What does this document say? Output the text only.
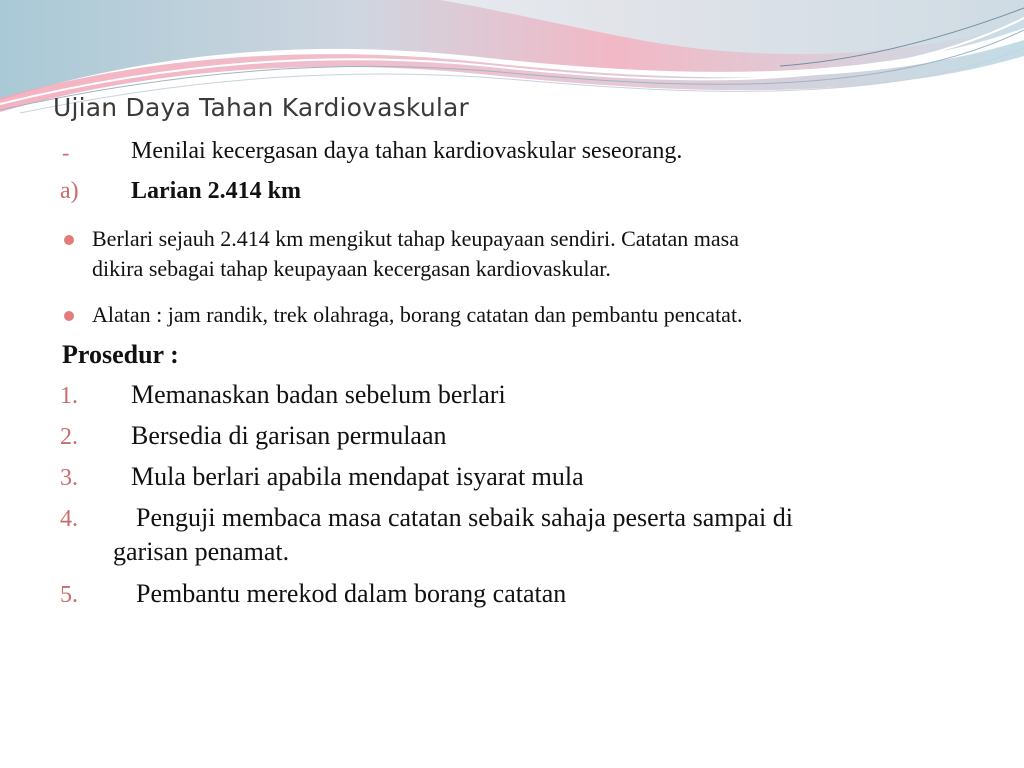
Ujian Daya Tahan Kardiovaskular
-	Menilai kecergasan daya tahan kardiovaskular seseorang.
a) Larian 2.414 km
Berlari sejauh 2.414 km mengikut tahap keupayaan sendiri. Catatan masa
dikira sebagai tahap keupayaan kecergasan kardiovaskular.
Alatan : jam randik, trek olahraga, borang catatan dan pembantu pencatat.
Prosedur :
1. Memanaskan badan sebelum berlari
2. Bersedia di garisan permulaan
3. Mula berlari apabila mendapat isyarat mula
4. Penguji membaca masa catatan sebaik sahaja peserta sampai di
garisan penamat.
5. Pembantu merekod dalam borang catatan
